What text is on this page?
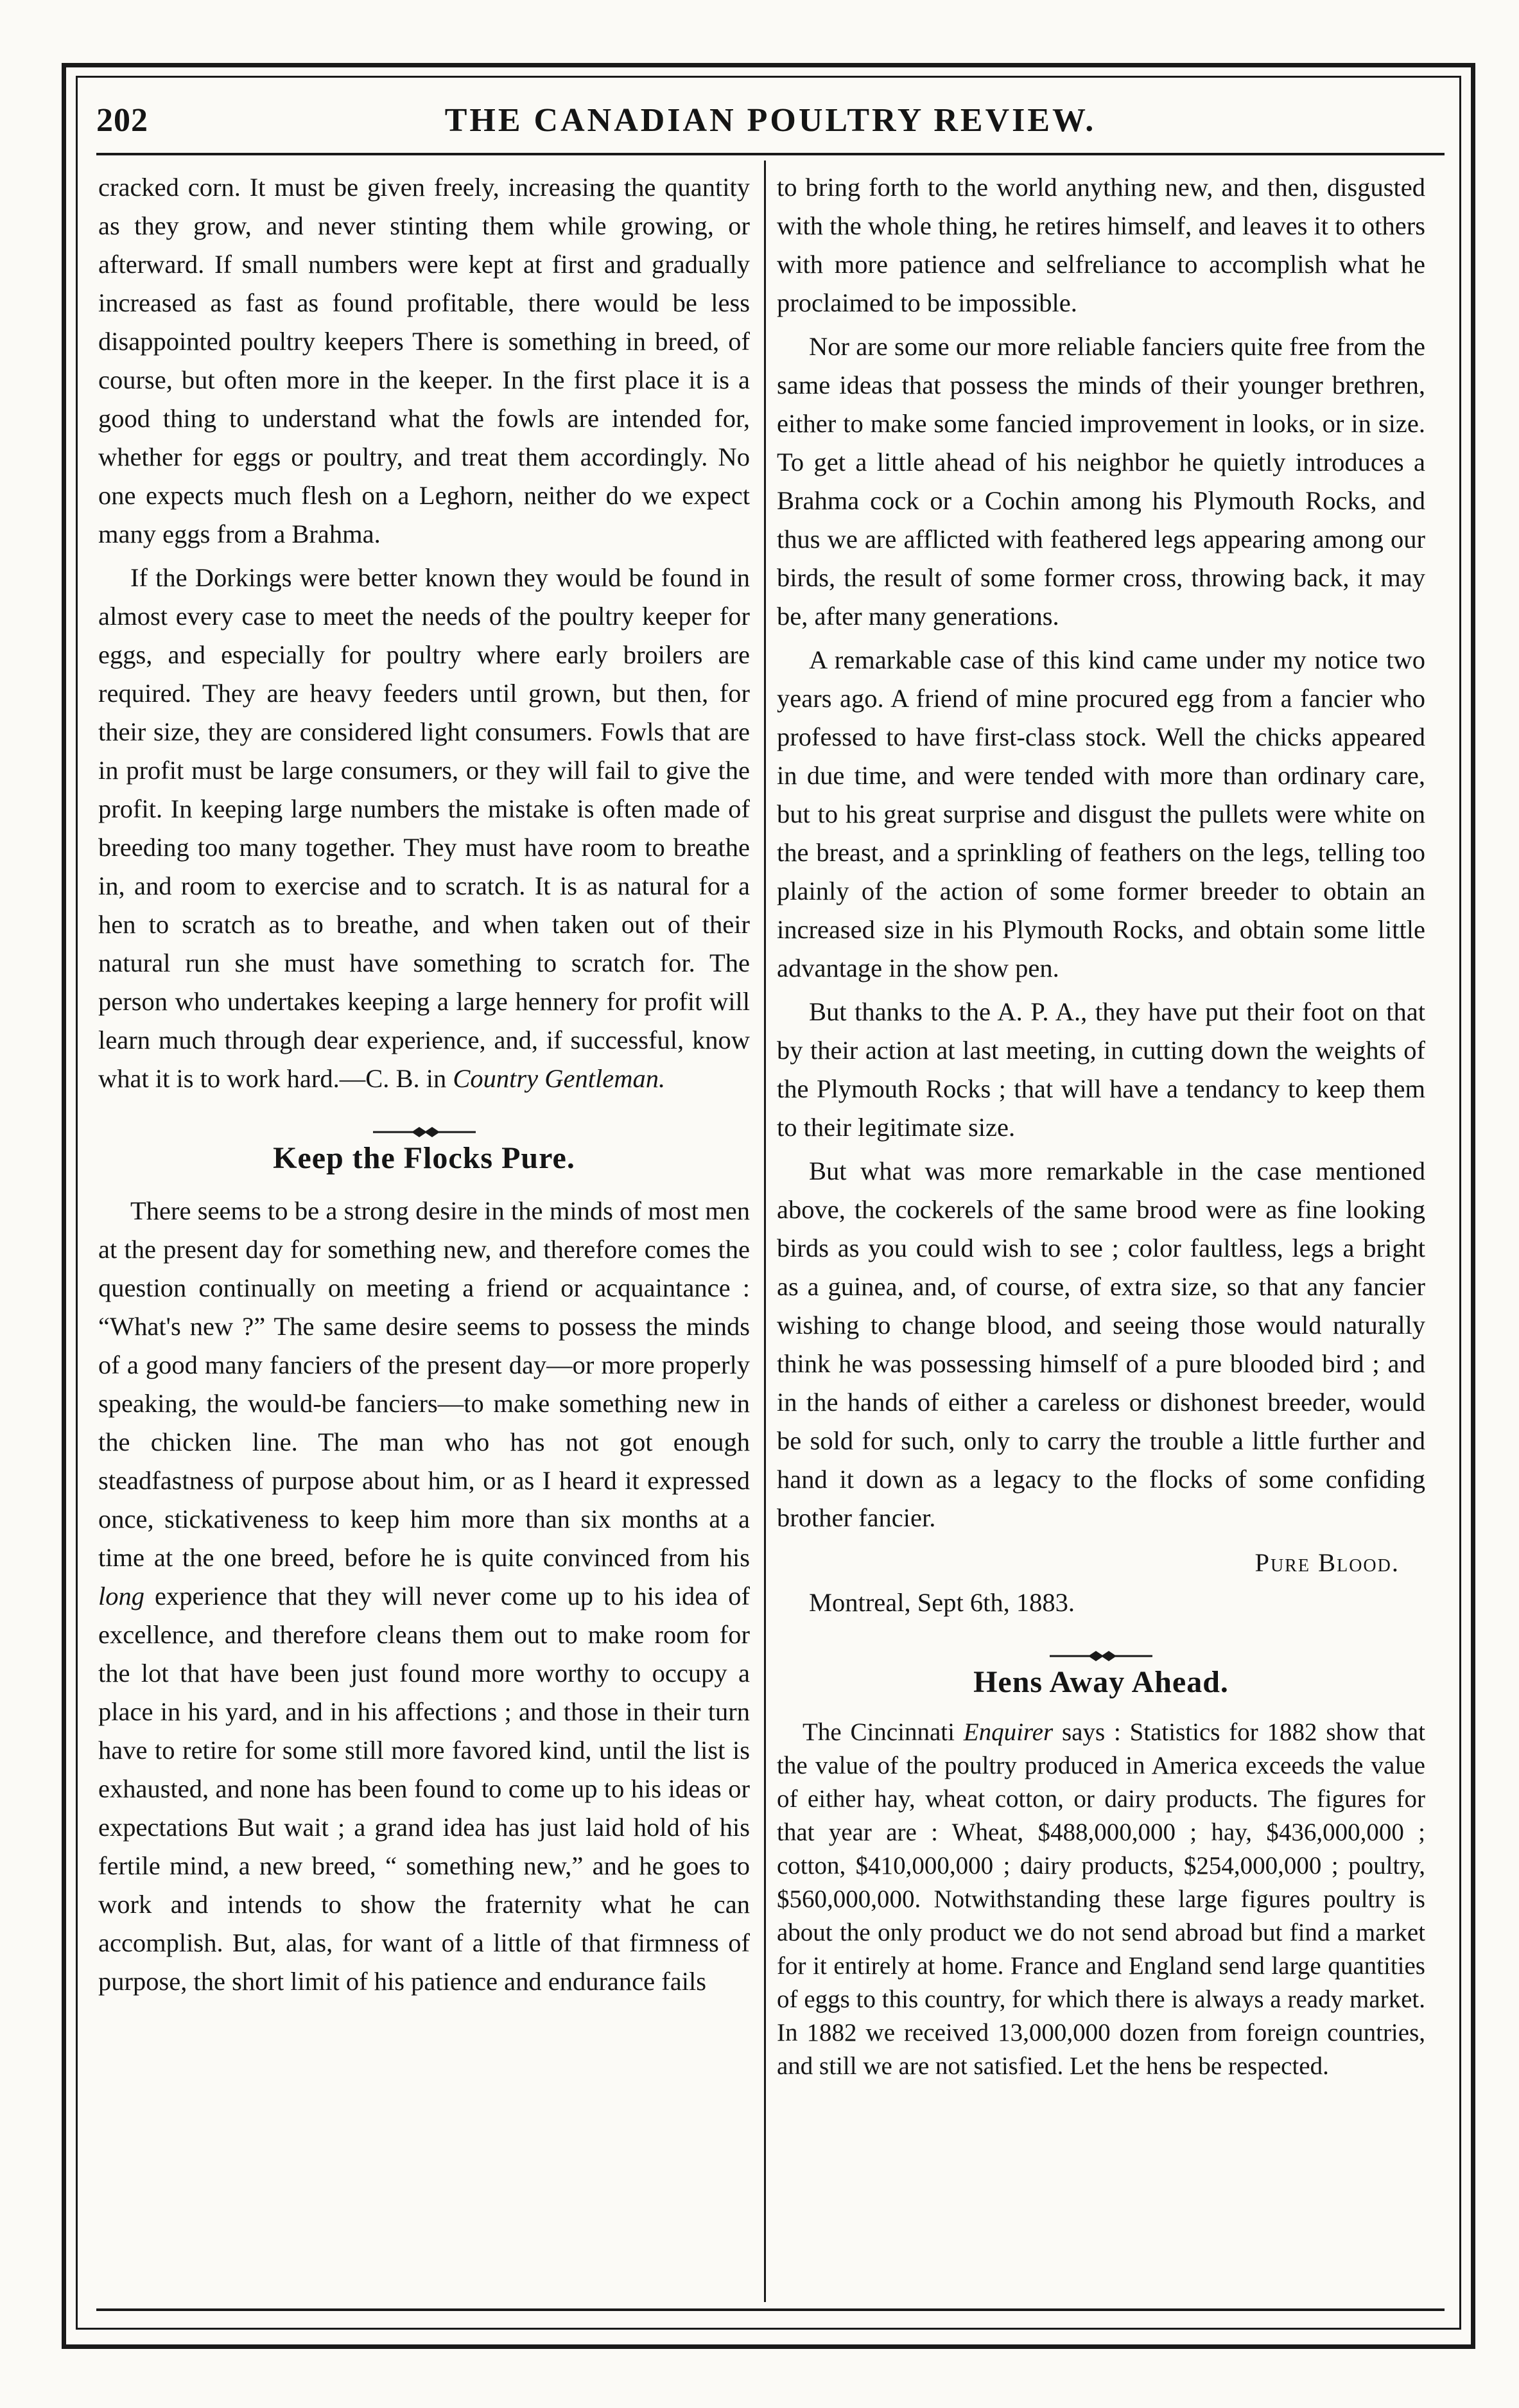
202	THE CANADIAN POULTRY REVIEW.

cracked corn. It must be given freely, increasing the quantity as they grow, and never stinting them while growing, or afterward. If small numbers were kept at first and gradually increased as fast as found profitable, there would be less disappointed poultry keepers There is something in breed, of course, but often more in the keeper. In the first place it is a good thing to understand what the fowls are intended for, whether for eggs or poultry, and treat them accordingly. No one expects much flesh on a Leghorn, neither do we expect many eggs from a Brahma.

If the Dorkings were better known they would be found in almost every case to meet the needs of the poultry keeper for eggs, and especially for poultry where early broilers are required. They are heavy feeders until grown, but then, for their size, they are considered light consumers. Fowls that are in profit must be large consumers, or they will fail to give the profit. In keeping large numbers the mistake is often made of breeding too many together. They must have room to breathe in, and room to exercise and to scratch. It is as natural for a hen to scratch as to breathe, and when taken out of their natural run she must have something to scratch for. The person who undertakes keeping a large hennery for profit will learn much through dear experience, and, if successful, know what it is to work hard.—C. B. in Country Gentleman.

Keep the Flocks Pure.

There seems to be a strong desire in the minds of most men at the present day for something new, and therefore comes the question continually on meeting a friend or acquaintance : “What's new ?” The same desire seems to possess the minds of a good many fanciers of the present day—or more properly speaking, the would-be fanciers—to make something new in the chicken line. The man who has not got enough steadfastness of purpose about him, or as I heard it expressed once, stickativeness to keep him more than six months at a time at the one breed, before he is quite convinced from his long experience that they will never come up to his idea of excellence, and therefore cleans them out to make room for the lot that have been just found more worthy to occupy a place in his yard, and in his affections ; and those in their turn have to retire for some still more favored kind, until the list is exhausted, and none has been found to come up to his ideas or expectations But wait ; a grand idea has just laid hold of his fertile mind, a new breed, “ something new,” and he goes to work and intends to show the fraternity what he can accomplish. But, alas, for want of a little of that firmness of purpose, the short limit of his patience and endurance fails

to bring forth to the world anything new, and then, disgusted with the whole thing, he retires himself, and leaves it to others with more patience and selfreliance to accomplish what he proclaimed to be impossible.

Nor are some our more reliable fanciers quite free from the same ideas that possess the minds of their younger brethren, either to make some fancied improvement in looks, or in size. To get a little ahead of his neighbor he quietly introduces a Brahma cock or a Cochin among his Plymouth Rocks, and thus we are afflicted with feathered legs appearing among our birds, the result of some former cross, throwing back, it may be, after many generations.

A remarkable case of this kind came under my notice two years ago. A friend of mine procured egg from a fancier who professed to have first-class stock. Well the chicks appeared in due time, and were tended with more than ordinary care, but to his great surprise and disgust the pullets were white on the breast, and a sprinkling of feathers on the legs, telling too plainly of the action of some former breeder to obtain an increased size in his Plymouth Rocks, and obtain some little advantage in the show pen.

But thanks to the A. P. A., they have put their foot on that by their action at last meeting, in cutting down the weights of the Plymouth Rocks ; that will have a tendancy to keep them to their legitimate size.

But what was more remarkable in the case mentioned above, the cockerels of the same brood were as fine looking birds as you could wish to see ; color faultless, legs a bright as a guinea, and, of course, of extra size, so that any fancier wishing to change blood, and seeing those would naturally think he was possessing himself of a pure blooded bird ; and in the hands of either a careless or dishonest breeder, would be sold for such, only to carry the trouble a little further and hand it down as a legacy to the flocks of some confiding brother fancier.

Pure Blood.
Montreal, Sept 6th, 1883.
Hens Away Ahead.

The Cincinnati Enquirer says : Statistics for 1882 show that the value of the poultry produced in America exceeds the value of either hay, wheat cotton, or dairy products. The figures for that year are : Wheat, $488,000,000 ; hay, $436,000,000 ; cotton, $410,000,000 ; dairy products, $254,000,000 ; poultry, $560,000,000. Notwithstanding these large figures poultry is about the only product we do not send abroad but find a market for it entirely at home. France and England send large quantities of eggs to this country, for which there is always a ready market. In 1882 we received 13,000,000 dozen from foreign countries, and still we are not satisfied. Let the hens be respected.
